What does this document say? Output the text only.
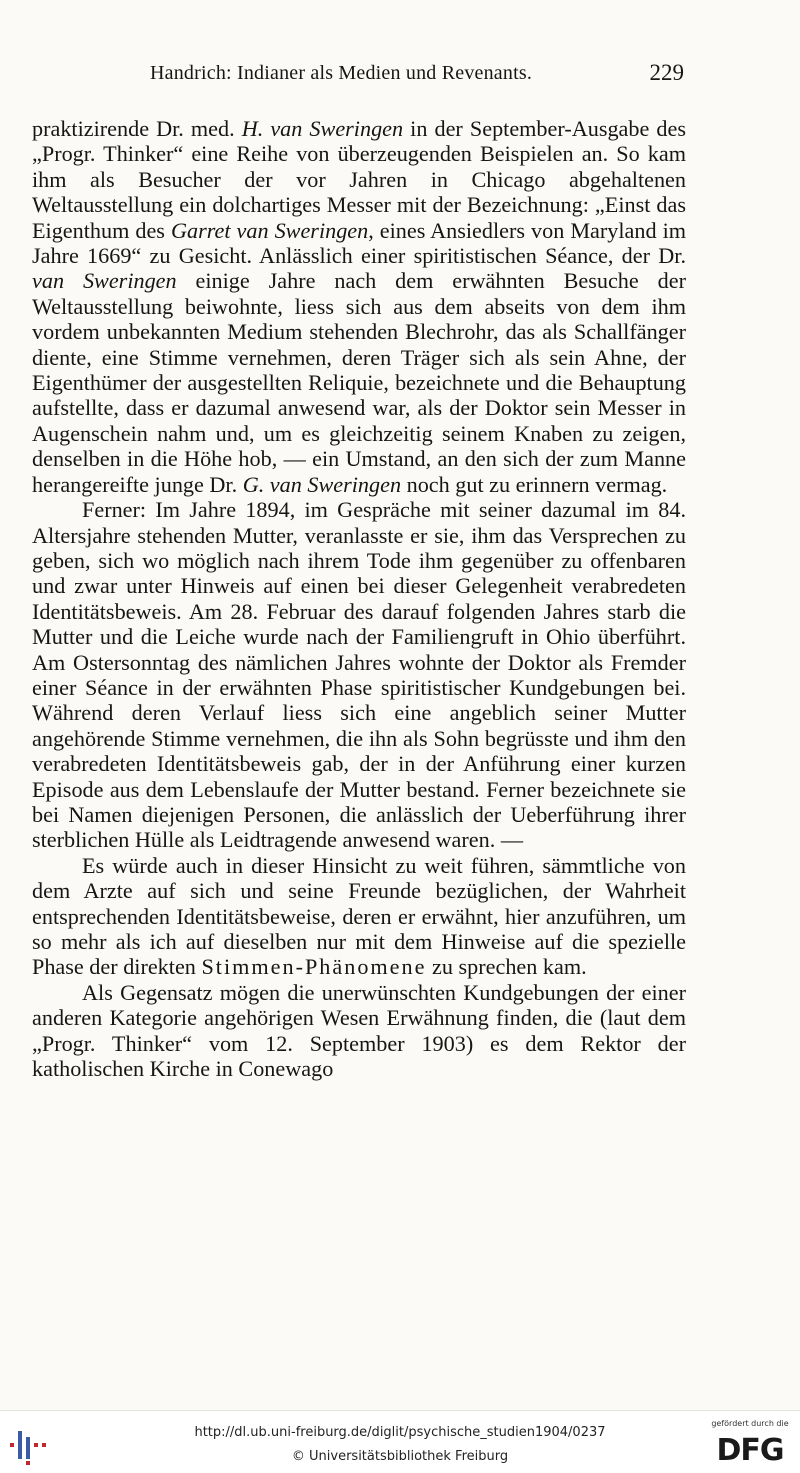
Handrich: Indianer als Medien und Revenants.	229

praktizirende Dr. med. H. van Sweringen in der September-Ausgabe des „Progr. Thinker“ eine Reihe von überzeugenden Beispielen an. So kam ihm als Besucher der vor Jahren in Chicago abgehaltenen Weltausstellung ein dolchartiges Messer mit der Bezeichnung: „Einst das Eigenthum des Garret van Sweringen, eines Ansiedlers von Maryland im Jahre 1669“ zu Gesicht. Anlässlich einer spiritistischen Séance, der Dr. van Sweringen einige Jahre nach dem erwähnten Besuche der Weltausstellung beiwohnte, liess sich aus dem abseits von dem ihm vordem unbekannten Medium stehenden Blechrohr, das als Schallfänger diente, eine Stimme vernehmen, deren Träger sich als sein Ahne, der Eigenthümer der ausgestellten Reliquie, bezeichnete und die Behauptung aufstellte, dass er dazumal anwesend war, als der Doktor sein Messer in Augenschein nahm und, um es gleichzeitig seinem Knaben zu zeigen, denselben in die Höhe hob, — ein Umstand, an den sich der zum Manne herangereifte junge Dr. G. van Sweringen noch gut zu erinnern vermag.

Ferner: Im Jahre 1894, im Gespräche mit seiner dazumal im 84. Altersjahre stehenden Mutter, veranlasste er sie, ihm das Versprechen zu geben, sich wo möglich nach ihrem Tode ihm gegenüber zu offenbaren und zwar unter Hinweis auf einen bei dieser Gelegenheit verabredeten Identitätsbeweis. Am 28. Februar des darauf folgenden Jahres starb die Mutter und die Leiche wurde nach der Familiengruft in Ohio überführt. Am Ostersonntag des nämlichen Jahres wohnte der Doktor als Fremder einer Séance in der erwähnten Phase spiritistischer Kundgebungen bei. Während deren Verlauf liess sich eine angeblich seiner Mutter angehörende Stimme vernehmen, die ihn als Sohn begrüsste und ihm den verabredeten Identitätsbeweis gab, der in der Anführung einer kurzen Episode aus dem Lebenslaufe der Mutter bestand. Ferner bezeichnete sie bei Namen diejenigen Personen, die anlässlich der Ueberführung ihrer sterblichen Hülle als Leidtragende anwesend waren. —

Es würde auch in dieser Hinsicht zu weit führen, sämmtliche von dem Arzte auf sich und seine Freunde bezüglichen, der Wahrheit entsprechenden Identitätsbeweise, deren er erwähnt, hier anzuführen, um so mehr als ich auf dieselben nur mit dem Hinweise auf die spezielle Phase der direkten Stimmen-Phänomene zu sprechen kam.

Als Gegensatz mögen die unerwünschten Kundgebungen der einer anderen Kategorie angehörigen Wesen Erwähnung finden, die (laut dem „Progr. Thinker“ vom 12. September 1903) es dem Rektor der katholischen Kirche in Conewago

http://dl.ub.uni-freiburg.de/diglit/psychische_studien1904/0237
© Universitätsbibliothek Freiburg
gefördert durch die
DFG
